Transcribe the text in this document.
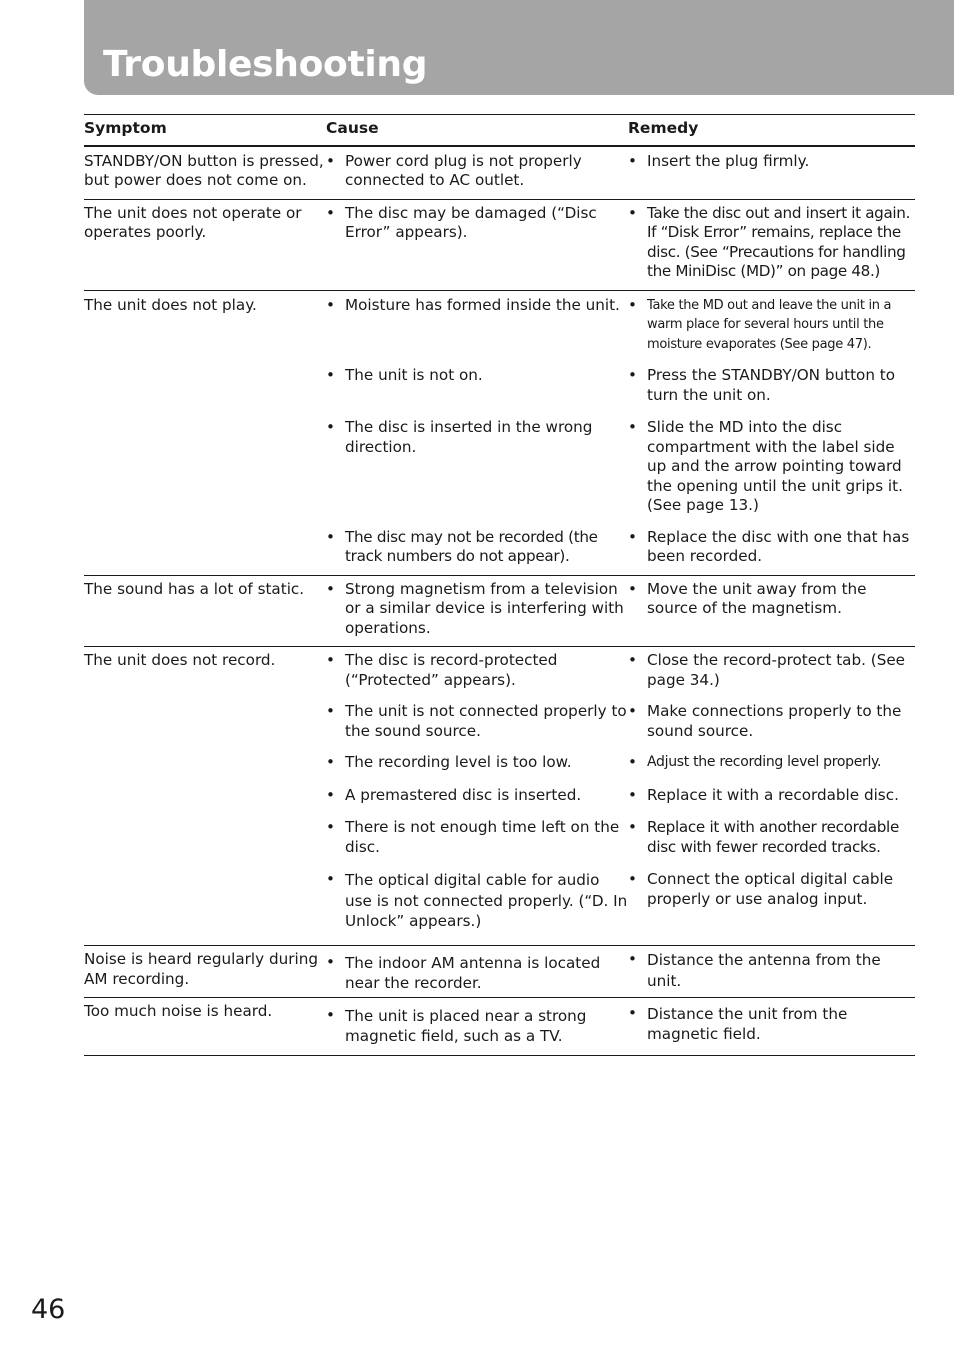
Troubleshooting
Symptom	Cause	Remedy
STANDBY/ON button is pressed, but power does not come on.	• Power cord plug is not properly connected to AC outlet.	• Insert the plug firmly.

The unit does not operate or operates poorly.	• The disc may be damaged (“Disc Error” appears).	• Take the disc out and insert it again. If “Disk Error” remains, replace the disc. (See “Precautions for handling the MiniDisc (MD)” on page 48.)

The unit does not play.	• Moisture has formed inside the unit.	• Take the MD out and leave the unit in a warm place for several hours until the moisture evaporates (See page 47).

	• The unit is not on.	• Press the STANDBY/ON button to turn the unit on.

	• The disc is inserted in the wrong direction.	• Slide the MD into the disc compartment with the label side up and the arrow pointing toward the opening until the unit grips it. (See page 13.)

	• The disc may not be recorded (the track numbers do not appear).	• Replace the disc with one that has been recorded.

The sound has a lot of static.	• Strong magnetism from a television or a similar device is interfering with operations.	• Move the unit away from the source of the magnetism.

The unit does not record.	• The disc is record-protected (“Protected” appears).	• Close the record-protect tab. (See page 34.)

	• The unit is not connected properly to the sound source.	• Make connections properly to the sound source.

	• The recording level is too low.	• Adjust the recording level properly.

	• A premastered disc is inserted.	• Replace it with a recordable disc.

	• There is not enough time left on the disc.	• Replace it with another recordable disc with fewer recorded tracks.

	• The optical digital cable for audio use is not connected properly. (“D. In Unlock” appears.)	• Connect the optical digital cable properly or use analog input.

Noise is heard regularly during AM recording.	• The indoor AM antenna is located near the recorder.	• Distance the antenna from the unit.

Too much noise is heard.	• The unit is placed near a strong magnetic field, such as a TV.	• Distance the unit from the magnetic field.
46
